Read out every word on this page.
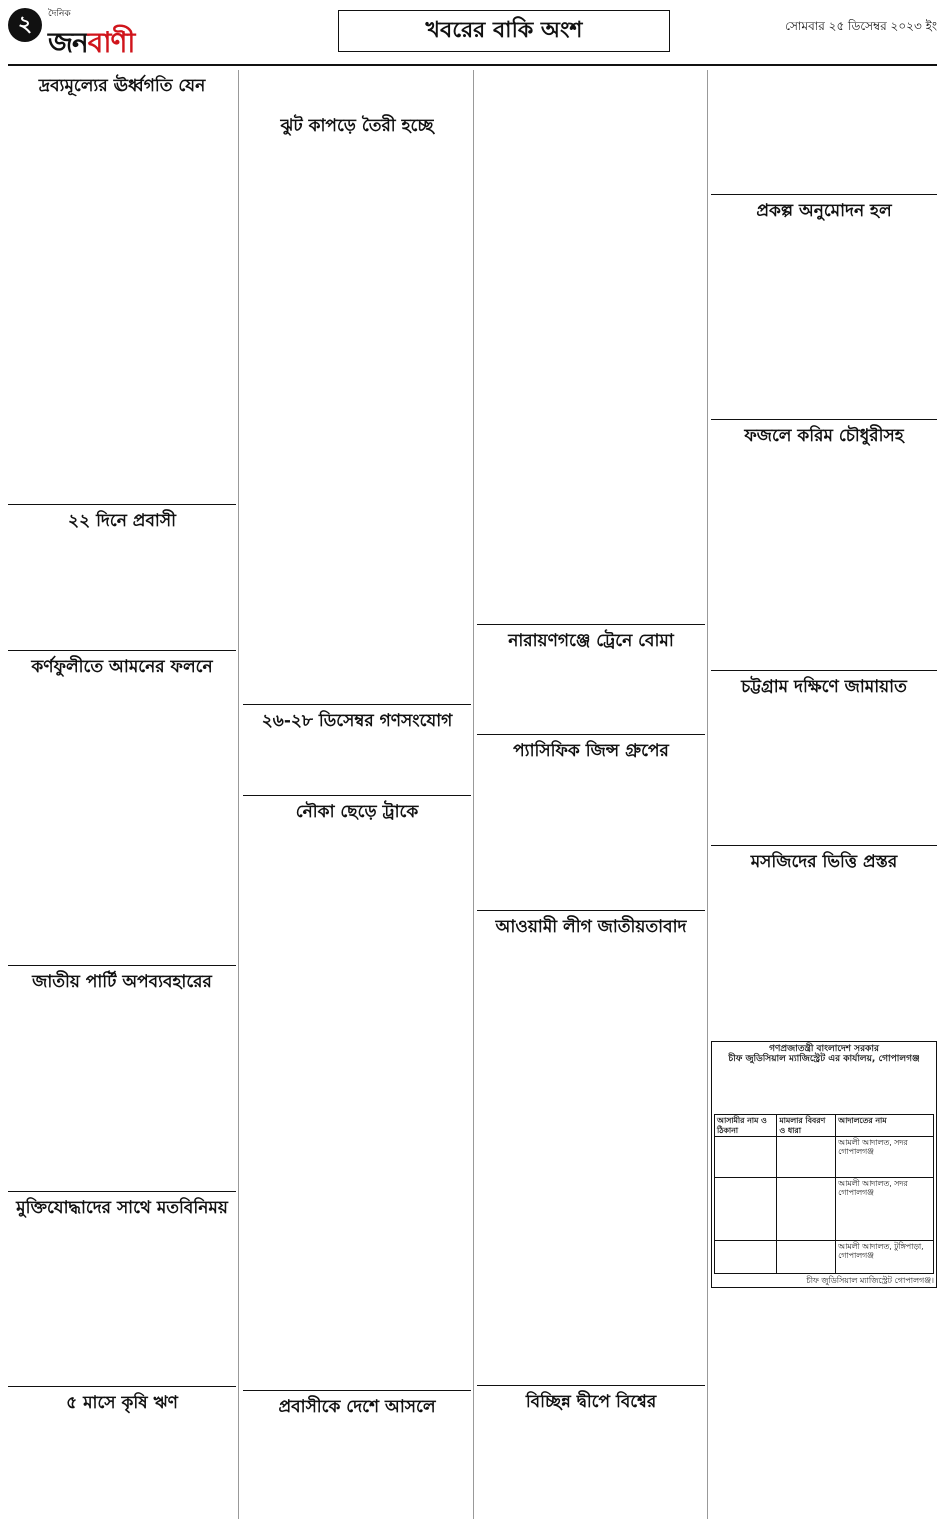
২	দৈনিক
জনবাণী	খবরের বাকি অংশ	সোমবার ২৫ ডিসেম্বর ২০২৩ ইং
দ্রব্যমূল্যের ঊর্ধ্বগতি যেন
২২ দিনে প্রবাসী
কর্ণফুলীতে আমনের ফলনে
জাতীয় পার্টি অপব্যবহারের
মুক্তিযোদ্ধাদের সাথে মতবিনিময়
৫ মাসে কৃষি ঋণ
ঝুট কাপড়ে তৈরী হচ্ছে
২৬-২৮ ডিসেম্বর গণসংযোগ
নৌকা ছেড়ে ট্রাকে
প্রবাসীকে দেশে আসলে
নারায়ণগঞ্জে ট্রেনে বোমা
প্যাসিফিক জিন্স গ্রুপের
আওয়ামী লীগ জাতীয়তাবাদ
বিচ্ছিন্ন দ্বীপে বিশ্বের
প্রকল্প অনুমোদন হল
ফজলে করিম চৌধুরীসহ
চট্টগ্রাম দক্ষিণে জামায়াত
মসজিদের ভিত্তি প্রস্তর
গণপ্রজাতন্ত্রী বাংলাদেশ সরকার
চীফ জুডিসিয়াল ম্যাজিস্ট্রেট এর কার্যালয়, গোপালগঞ্জ
আসামীর নাম ও ঠিকানা	মামলার বিবরণ ও ধারা	আদালতের নাম
		আমলী আদালত, সদর গোপালগঞ্জ
		আমলী আদালত, সদর গোপালগঞ্জ
		আমলী আদালত, টুঙ্গিপাড়া, গোপালগঞ্জ
চীফ জুডিসিয়াল ম্যাজিস্ট্রেট গোপালগঞ্জ।
